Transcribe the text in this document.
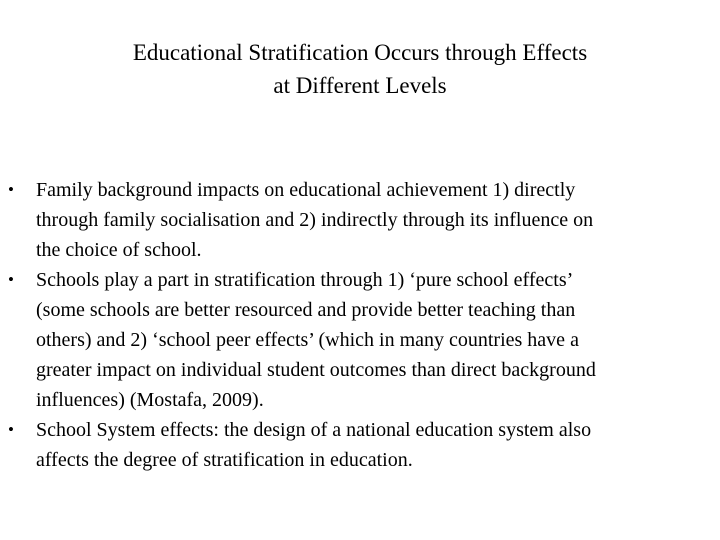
Educational Stratification Occurs through Effects
at Different Levels
•	Family background impacts on educational achievement 1) directly
through family socialisation and 2) indirectly through its influence on
the choice of school.
•	Schools play a part in stratification through 1) ‘pure school effects’
(some schools are better resourced and provide better teaching than
others) and 2) ‘school peer effects’ (which in many countries have a
greater impact on individual student outcomes than direct background
influences) (Mostafa, 2009).
•	School System effects: the design of a national education system also
affects the degree of stratification in education.
